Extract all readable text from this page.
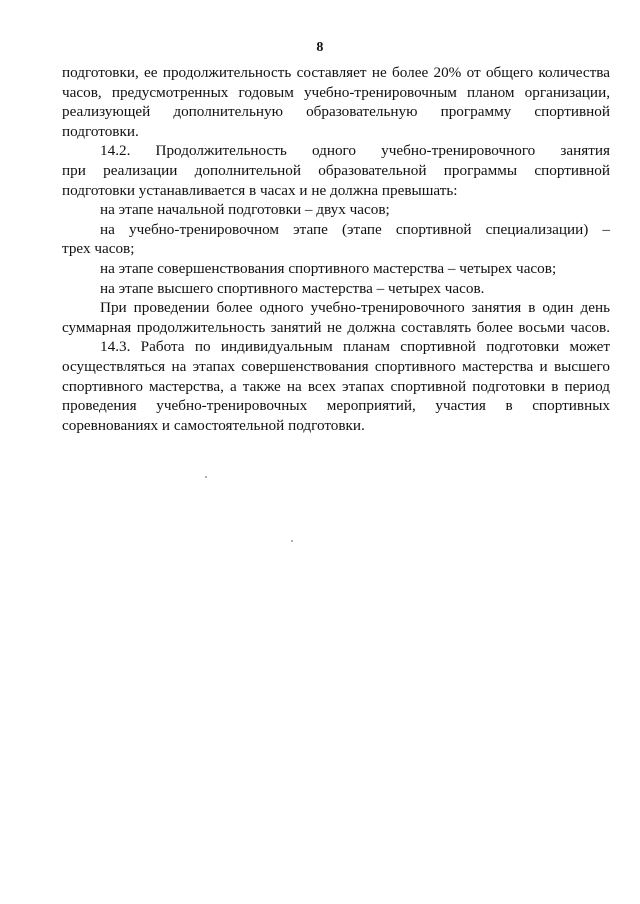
8
подготовки, ее продолжительность составляет не более 20% от общего количества
часов, предусмотренных годовым учебно-тренировочным планом организации,
реализующей дополнительную образовательную программу спортивной
подготовки.
14.2. Продолжительность одного учебно-тренировочного занятия
при реализации дополнительной образовательной программы спортивной
подготовки устанавливается в часах и не должна превышать:
на этапе начальной подготовки – двух часов;
на учебно-тренировочном этапе (этапе спортивной специализации) –
трех часов;
на этапе совершенствования спортивного мастерства – четырех часов;
на этапе высшего спортивного мастерства – четырех часов.
При проведении более одного учебно-тренировочного занятия в один день
суммарная продолжительность занятий не должна составлять более восьми часов.
14.3. Работа по индивидуальным планам спортивной подготовки может
осуществляться на этапах совершенствования спортивного мастерства и высшего
спортивного мастерства, а также на всех этапах спортивной подготовки в период
проведения учебно-тренировочных мероприятий, участия в спортивных
соревнованиях и самостоятельной подготовки.
